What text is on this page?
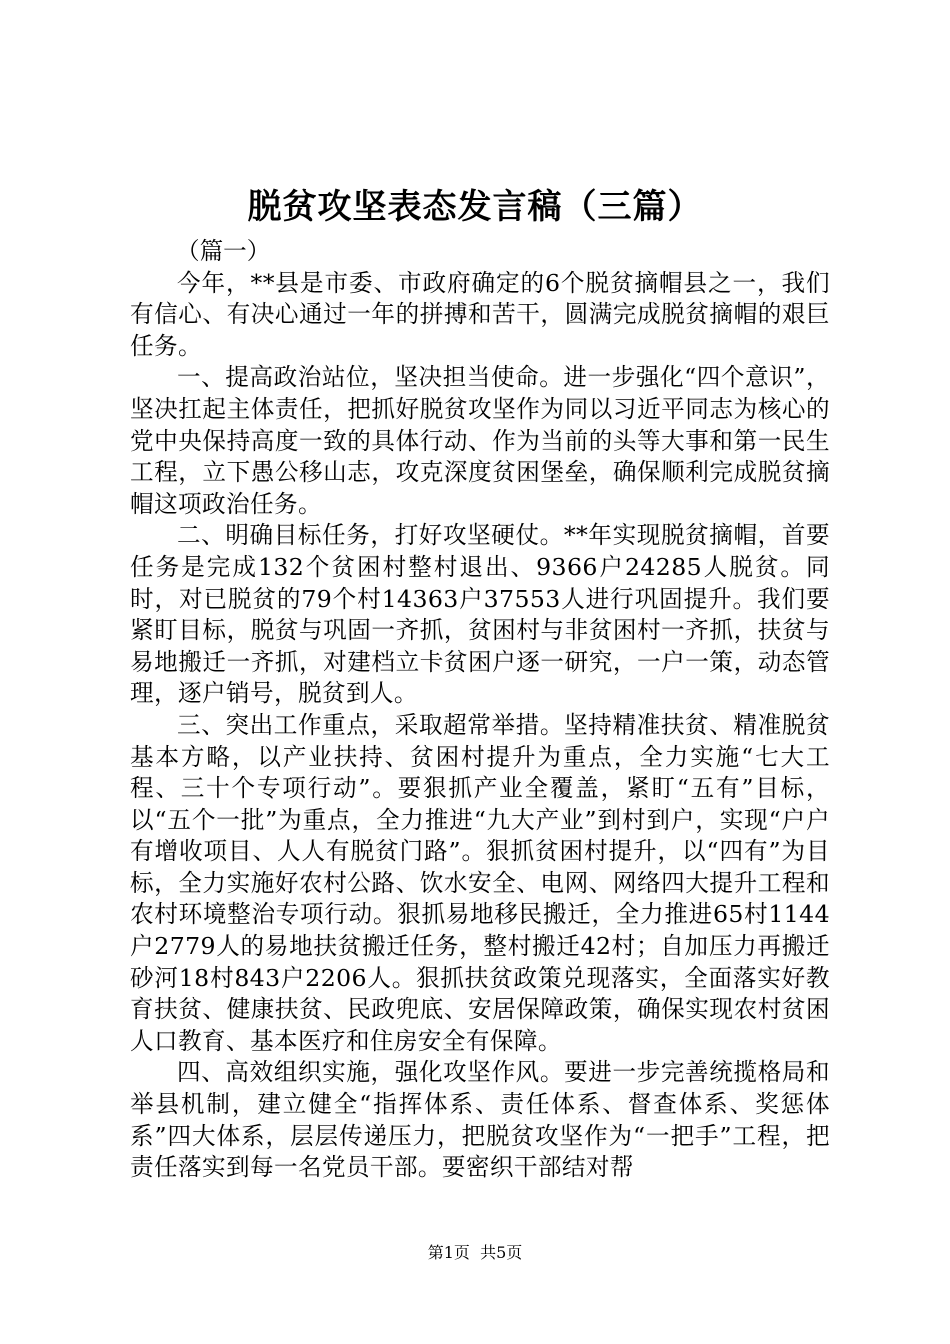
脱贫攻坚表态发言稿（三篇）

（篇一）

今年，**县是市委、市政府确定的6个脱贫摘帽县之一，我们有信心、有决心通过一年的拼搏和苦干，圆满完成脱贫摘帽的艰巨任务。

一、提高政治站位，坚决担当使命。进一步强化“四个意识”，坚决扛起主体责任，把抓好脱贫攻坚作为同以习近平同志为核心的党中央保持高度一致的具体行动、作为当前的头等大事和第一民生工程，立下愚公移山志，攻克深度贫困堡垒，确保顺利完成脱贫摘帽这项政治任务。

二、明确目标任务，打好攻坚硬仗。**年实现脱贫摘帽，首要任务是完成132个贫困村整村退出、9366户24285人脱贫。同时，对已脱贫的79个村14363户37553人进行巩固提升。我们要紧盯目标，脱贫与巩固一齐抓，贫困村与非贫困村一齐抓，扶贫与易地搬迁一齐抓，对建档立卡贫困户逐一研究，一户一策，动态管理，逐户销号，脱贫到人。

三、突出工作重点，采取超常举措。坚持精准扶贫、精准脱贫基本方略，以产业扶持、贫困村提升为重点，全力实施“七大工程、三十个专项行动”。要狠抓产业全覆盖，紧盯“五有”目标，以“五个一批”为重点，全力推进“九大产业”到村到户，实现“户户有增收项目、人人有脱贫门路”。狠抓贫困村提升，以“四有”为目标，全力实施好农村公路、饮水安全、电网、网络四大提升工程和农村环境整治专项行动。狠抓易地移民搬迁，全力推进65村1144户2779人的易地扶贫搬迁任务，整村搬迁42村；自加压力再搬迁砂河18村843户2206人。狠抓扶贫政策兑现落实，全面落实好教育扶贫、健康扶贫、民政兜底、安居保障政策，确保实现农村贫困人口教育、基本医疗和住房安全有保障。

四、高效组织实施，强化攻坚作风。要进一步完善统揽格局和举县机制，建立健全“指挥体系、责任体系、督查体系、奖惩体系”四大体系，层层传递压力，把脱贫攻坚作为“一把手”工程，把责任落实到每一名党员干部。要密织干部结对帮

第1页 共5页
